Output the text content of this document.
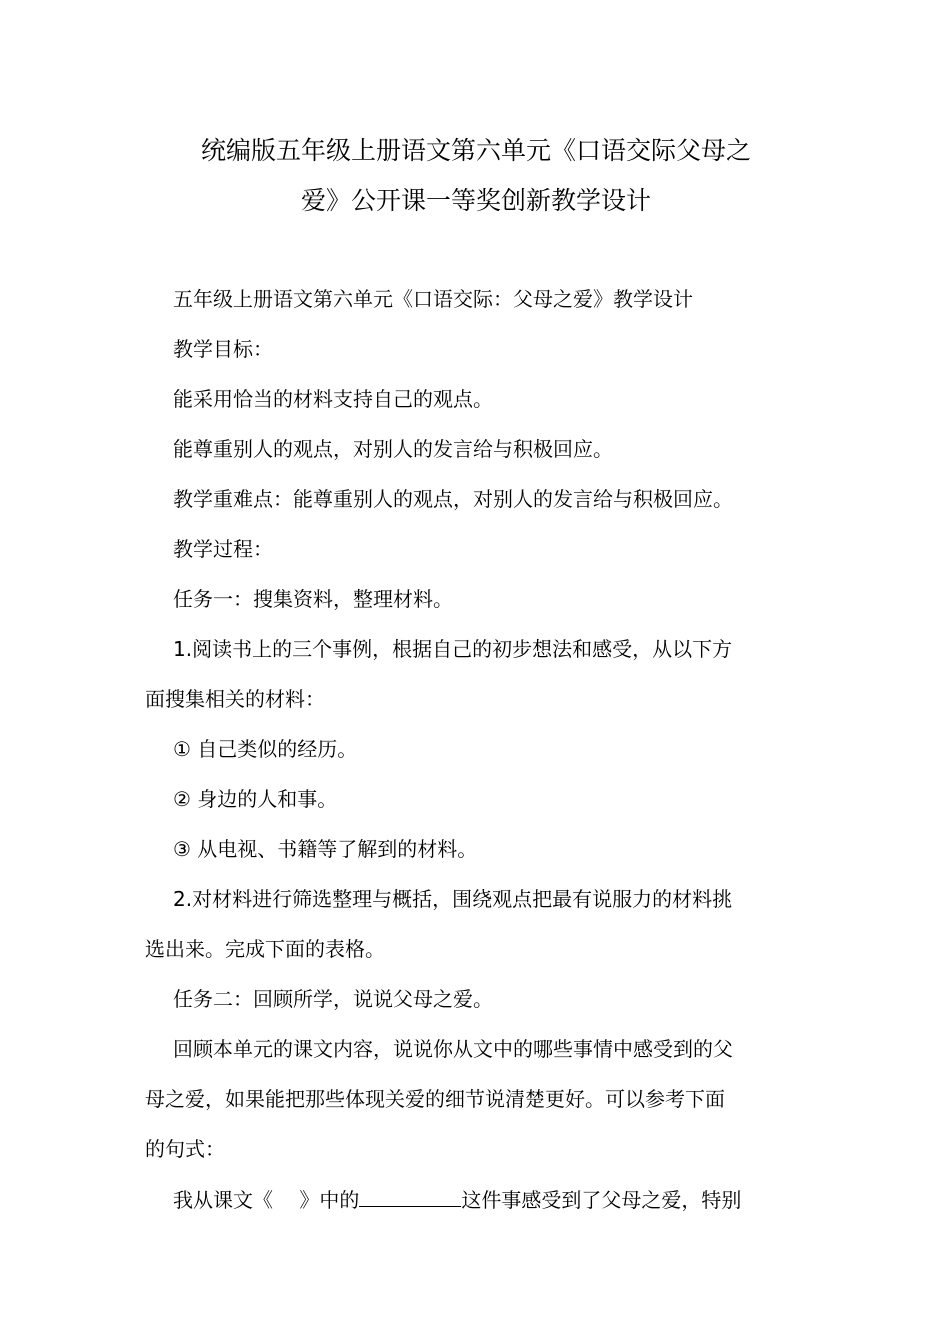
统编版五年级上册语文第六单元《口语交际父母之
爱》公开课一等奖创新教学设计
五年级上册语文第六单元《口语交际：父母之爱》教学设计
教学目标：
能采用恰当的材料支持自己的观点。
能尊重别人的观点，对别人的发言给与积极回应。
教学重难点：能尊重别人的观点，对别人的发言给与积极回应。
教学过程：
任务一：搜集资料，整理材料。
1.阅读书上的三个事例，根据自己的初步想法和感受，从以下方
面搜集相关的材料：
① 自己类似的经历。
② 身边的人和事。
③ 从电视、书籍等了解到的材料。
2.对材料进行筛选整理与概括，围绕观点把最有说服力的材料挑
选出来。完成下面的表格。
任务二：回顾所学，说说父母之爱。
回顾本单元的课文内容，说说你从文中的哪些事情中感受到的父
母之爱，如果能把那些体现关爱的细节说清楚更好。可以参考下面
的句式：
我从课文《　 》中的	这件事感受到了父母之爱，特别
